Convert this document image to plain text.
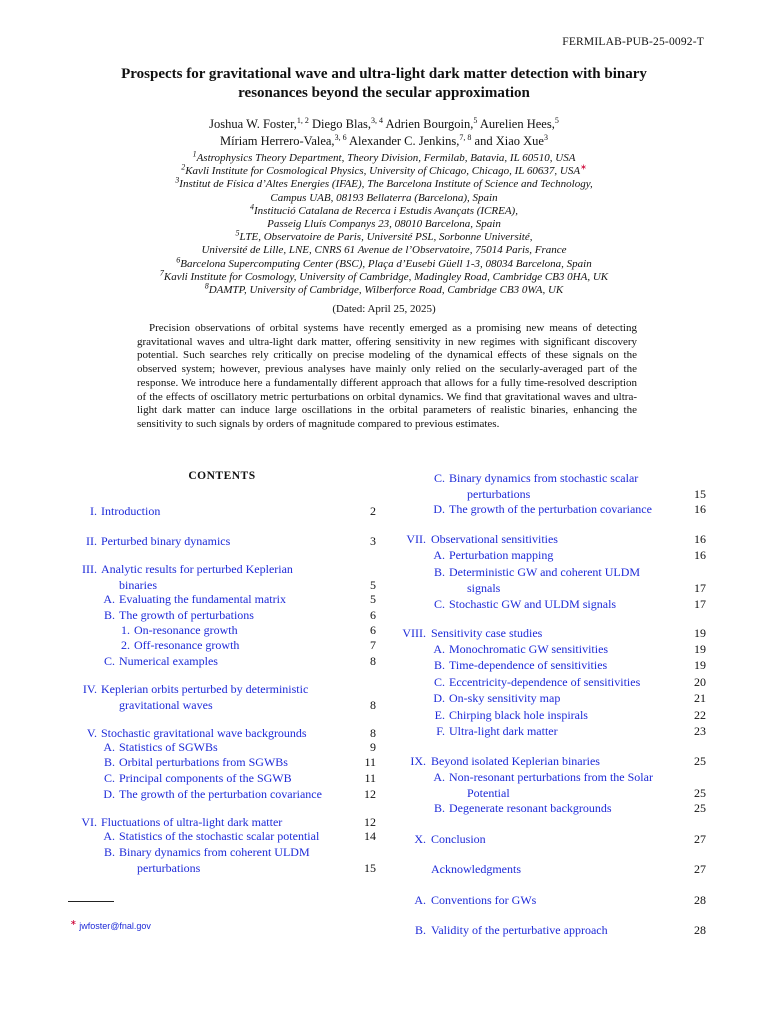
FERMILAB-PUB-25-0092-T
Prospects for gravitational wave and ultra-light dark matter detection with binary
resonances beyond the secular approximation
Joshua W. Foster,$^{1, 2}$ Diego Blas,$^{3, 4}$ Adrien Bourgoin,$^5$ Aurelien Hees,$^5$
Míriam Herrero-Valea,$^{3, 6}$ Alexander C. Jenkins,$^{7, 8}$ and Xiao Xue$^3$
$^1$Astrophysics Theory Department, Theory Division, Fermilab, Batavia, IL 60510, USA
$^2$Kavli Institute for Cosmological Physics, University of Chicago, Chicago, IL 60637, USA∗
$^3$Institut de Física d’Altes Energies (IFAE), The Barcelona Institute of Science and Technology,
Campus UAB, 08193 Bellaterra (Barcelona), Spain
$^4$Institució Catalana de Recerca i Estudis Avançats (ICREA),
Passeig Lluís Companys 23, 08010 Barcelona, Spain
$^5$LTE, Observatoire de Paris, Université PSL, Sorbonne Université,
Université de Lille, LNE, CNRS 61 Avenue de l’Observatoire, 75014 Paris, France
$^6$Barcelona Supercomputing Center (BSC), Plaça d’Eusebi Güell 1-3, 08034 Barcelona, Spain
$^7$Kavli Institute for Cosmology, University of Cambridge, Madingley Road, Cambridge CB3 0HA, UK
$^8$DAMTP, University of Cambridge, Wilberforce Road, Cambridge CB3 0WA, UK
(Dated: April 25, 2025)
Precision observations of orbital systems have recently emerged as a promising new means of detecting gravitational waves and ultra-light dark matter, offering sensitivity in new regimes with significant discovery potential. Such searches rely critically on precise modeling of the dynamical effects of these signals on the observed system; however, previous analyses have mainly only relied on the secularly-averaged part of the response. We introduce here a fundamentally different approach that allows for a fully time-resolved description of the effects of oscillatory metric perturbations on orbital dynamics. We find that gravitational waves and ultra-light dark matter can induce large oscillations in the orbital parameters of realistic binaries, enhancing the sensitivity to such signals by orders of magnitude compared to previous estimates.
CONTENTS
I. Introduction	2
II. Perturbed binary dynamics	3
III. Analytic results for perturbed Keplerian
binaries	5
A. Evaluating the fundamental matrix	5
B. The growth of perturbations	6
1. On-resonance growth	6
2. Off-resonance growth	7
C. Numerical examples	8
IV. Keplerian orbits perturbed by deterministic
gravitational waves	8
V. Stochastic gravitational wave backgrounds	8
A. Statistics of SGWBs	9
B. Orbital perturbations from SGWBs	11
C. Principal components of the SGWB	11
D. The growth of the perturbation covariance	12
VI. Fluctuations of ultra-light dark matter	12
A. Statistics of the stochastic scalar potential	14
B. Binary dynamics from coherent ULDM
perturbations	15
C. Binary dynamics from stochastic scalar
perturbations	15
D. The growth of the perturbation covariance	16
VII. Observational sensitivities	16
A. Perturbation mapping	16
B. Deterministic GW and coherent ULDM
signals	17
C. Stochastic GW and ULDM signals	17
VIII. Sensitivity case studies	19
A. Monochromatic GW sensitivities	19
B. Time-dependence of sensitivities	19
C. Eccentricity-dependence of sensitivities	20
D. On-sky sensitivity map	21
E. Chirping black hole inspirals	22
F. Ultra-light dark matter	23
IX. Beyond isolated Keplerian binaries	25
A. Non-resonant perturbations from the Solar
Potential	25
B. Degenerate resonant backgrounds	25
X. Conclusion	27
Acknowledgments	27
A. Conventions for GWs	28
B. Validity of the perturbative approach	28
∗ jwfoster@fnal.gov
